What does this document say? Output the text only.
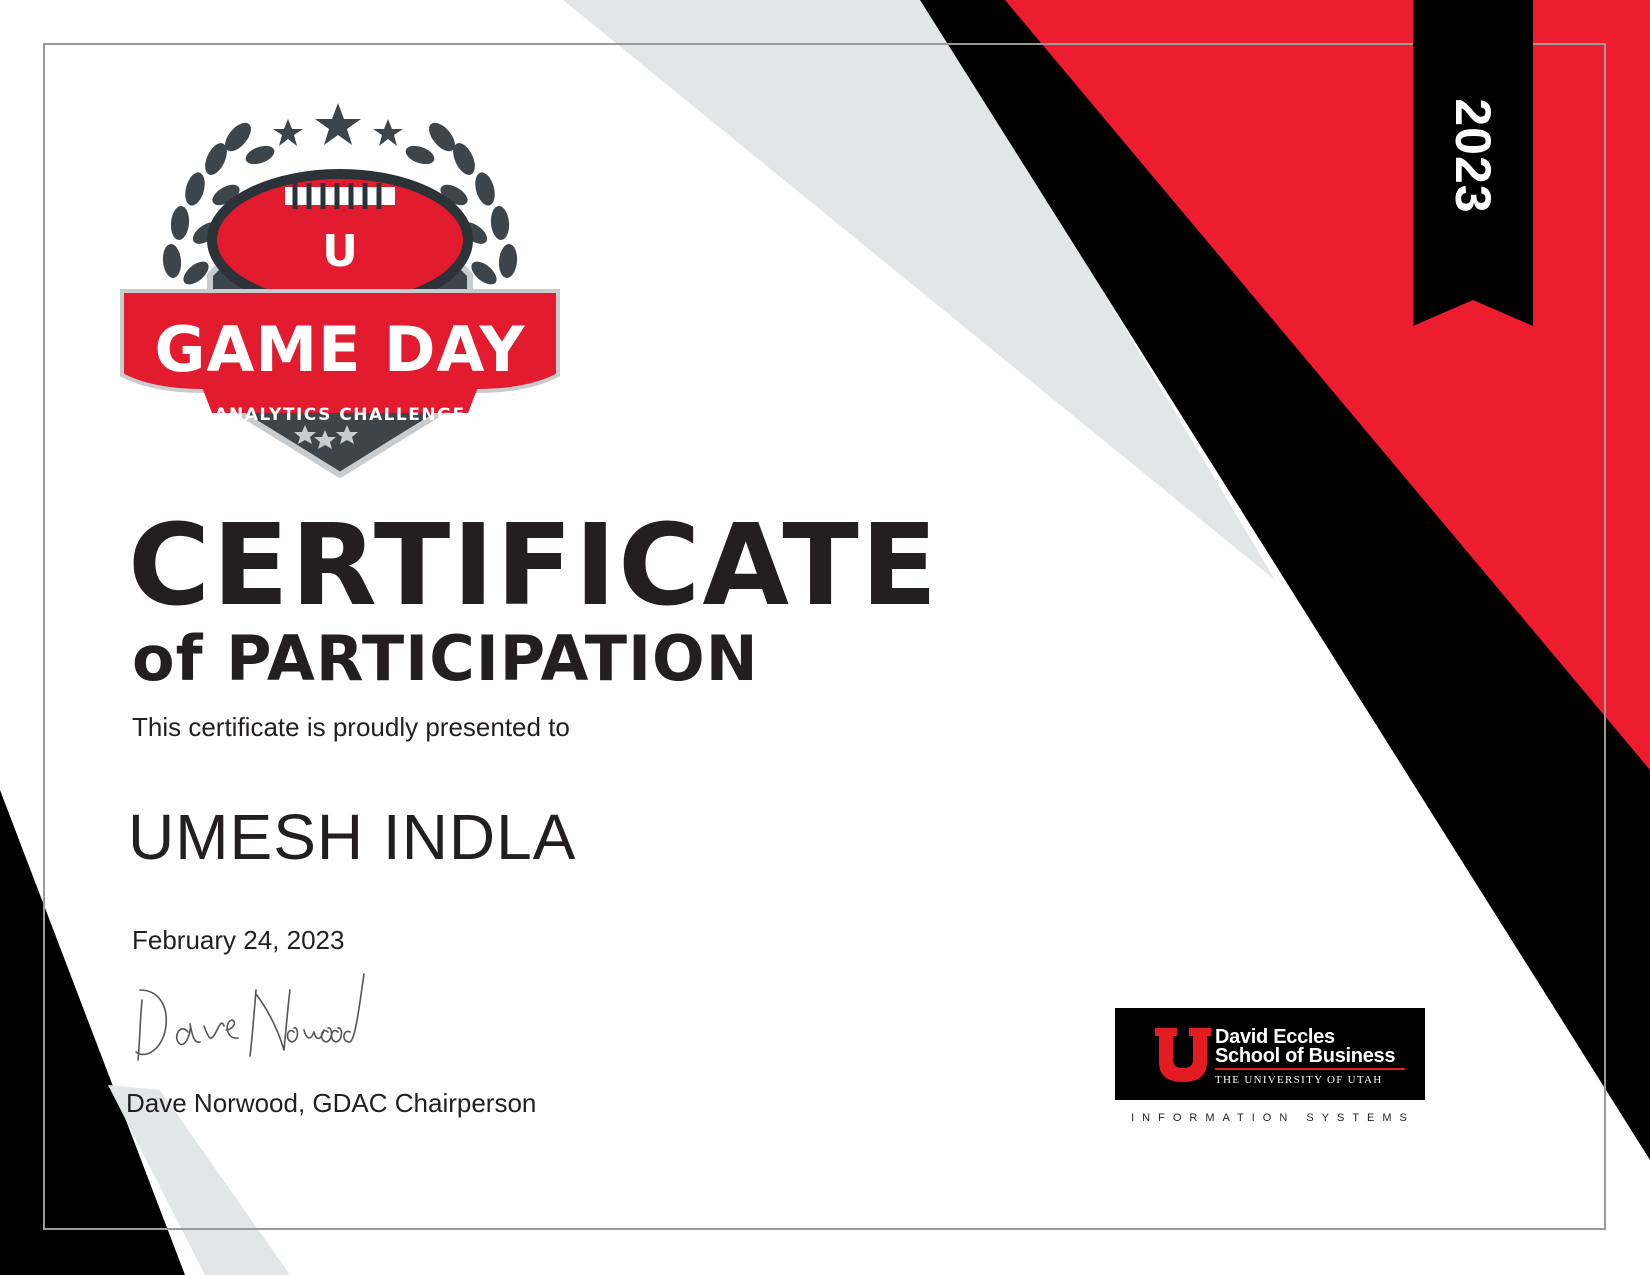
2023
U
GAME DAY
ANALYTICS CHALLENGE
CERTIFICATE
of PARTICIPATION
This certificate is proudly presented to
UMESH INDLA
February 24, 2023
Dave Norwood, GDAC Chairperson
David Eccles
School of Business
THE UNIVERSITY OF UTAH
INFORMATION SYSTEMS
